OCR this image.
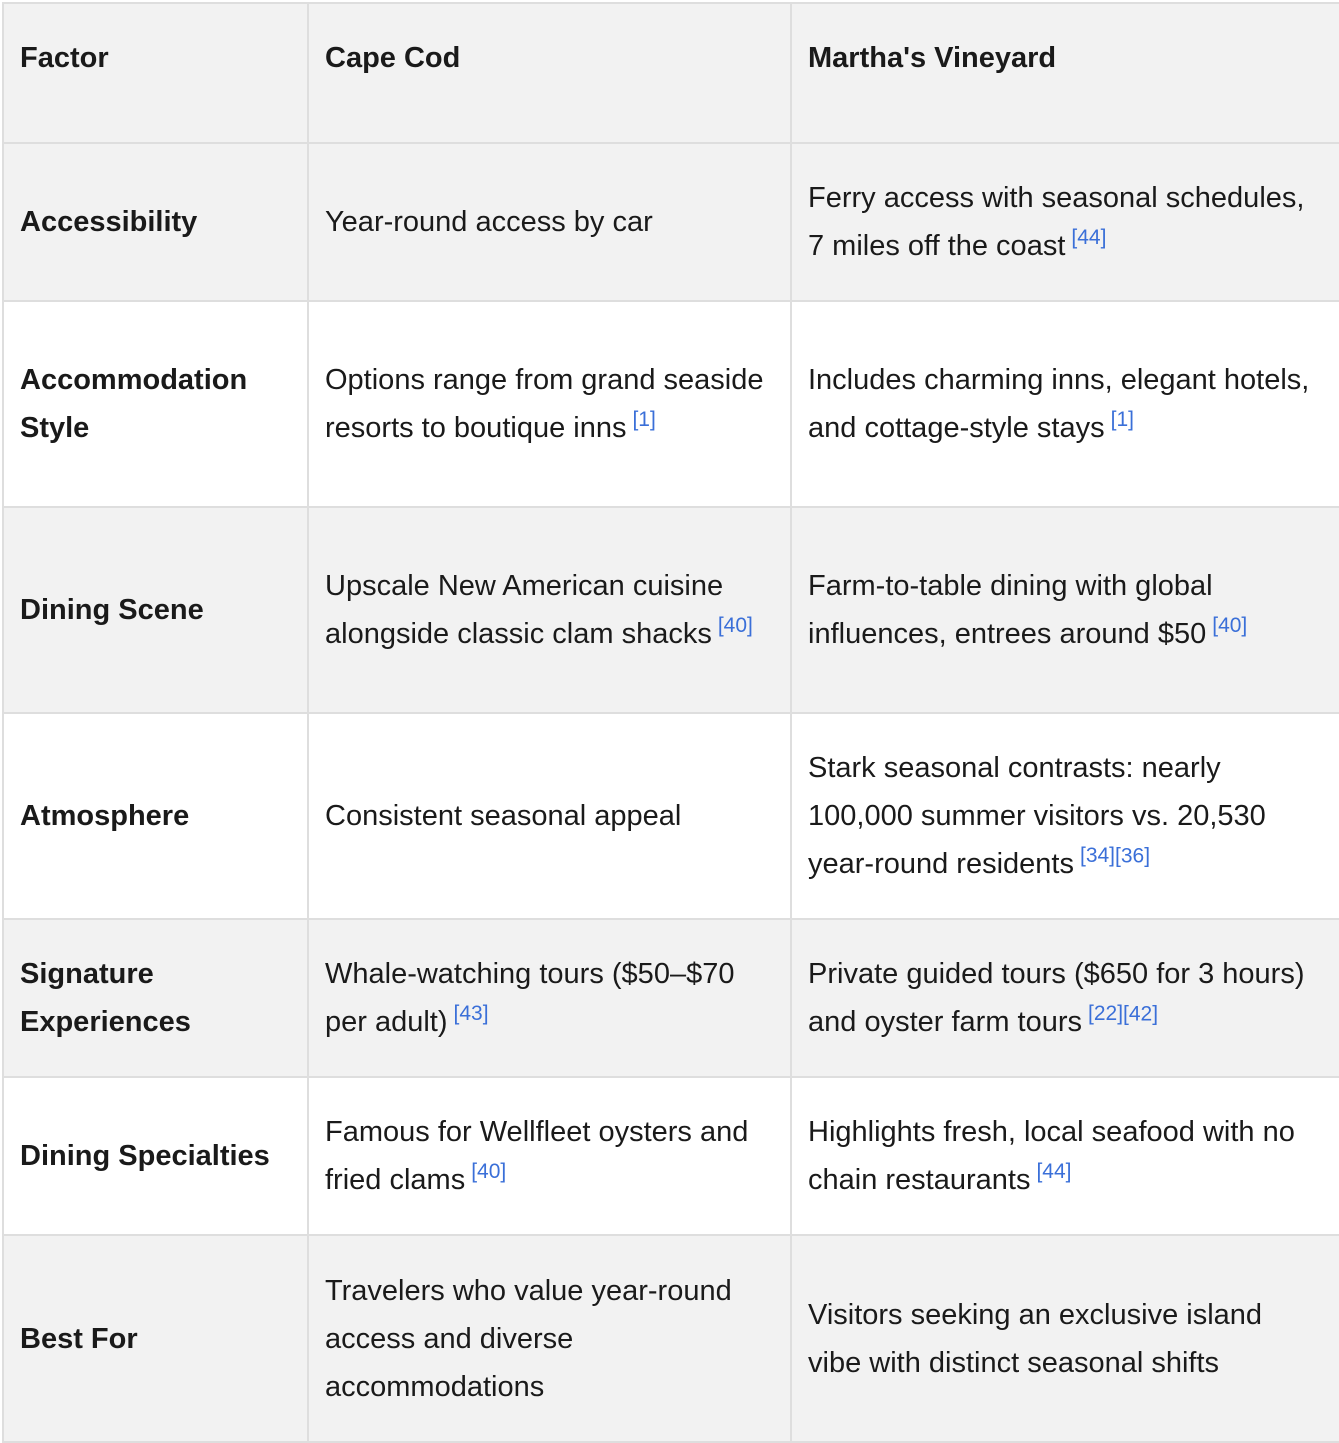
Factor	Cape Cod	Martha's Vineyard
Accessibility	Year-round access by car	Ferry access with seasonal schedules, 7 miles off the coast [44]
Accommodation Style	Options range from grand seaside resorts to boutique inns [1]	Includes charming inns, elegant hotels, and cottage-style stays [1]
Dining Scene	Upscale New American cuisine alongside classic clam shacks [40]	Farm-to-table dining with global influences, entrees around $50 [40]
Atmosphere	Consistent seasonal appeal	Stark seasonal contrasts: nearly 100,000 summer visitors vs. 20,530 year-round residents [34][36]
Signature Experiences	Whale-watching tours ($50–$70 per adult) [43]	Private guided tours ($650 for 3 hours) and oyster farm tours [22][42]
Dining Specialties	Famous for Wellfleet oysters and fried clams [40]	Highlights fresh, local seafood with no chain restaurants [44]
Best For	Travelers who value year-round access and diverse accommodations	Visitors seeking an exclusive island vibe with distinct seasonal shifts
